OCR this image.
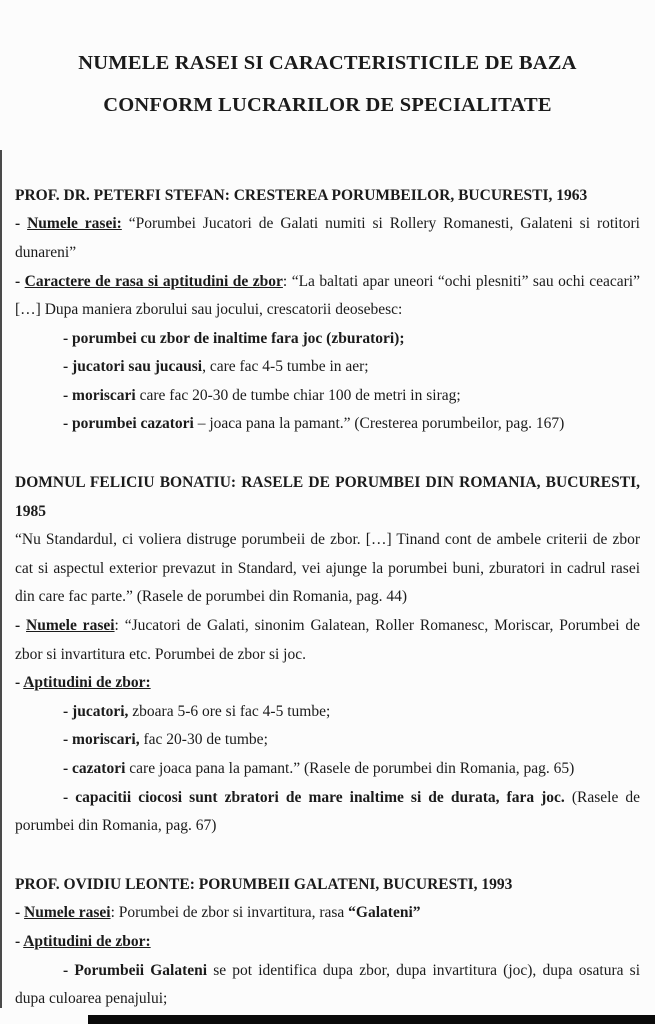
NUMELE RASEI SI CARACTERISTICILE DE BAZA
CONFORM LUCRARILOR DE SPECIALITATE
PROF. DR. PETERFI STEFAN: CRESTEREA PORUMBEILOR, BUCURESTI, 1963

- Numele rasei: “Porumbei Jucatori de Galati numiti si Rollery Romanesti, Galateni si rotitori dunareni”

- Caractere de rasa si aptitudini de zbor: “La baltati apar uneori “ochi plesniti” sau ochi ceacari” […] Dupa maniera zborului sau jocului, crescatorii deosebesc:

- porumbei cu zbor de inaltime fara joc (zburatori);

- jucatori sau jucausi, care fac 4-5 tumbe in aer;

- moriscari care fac 20-30 de tumbe chiar 100 de metri in sirag;

- porumbei cazatori – joaca pana la pamant.” (Cresterea porumbeilor, pag. 167)

DOMNUL FELICIU BONATIU: RASELE DE PORUMBEI DIN ROMANIA, BUCURESTI, 1985

“Nu Standardul, ci voliera distruge porumbeii de zbor. […] Tinand cont de ambele criterii de zbor cat si aspectul exterior prevazut in Standard, vei ajunge la porumbei buni, zburatori in cadrul rasei din care fac parte.” (Rasele de porumbei din Romania, pag. 44)

- Numele rasei: “Jucatori de Galati, sinonim Galatean, Roller Romanesc, Moriscar, Porumbei de zbor si invartitura etc. Porumbei de zbor si joc.

- Aptitudini de zbor:

- jucatori, zboara 5-6 ore si fac 4-5 tumbe;

- moriscari, fac 20-30 de tumbe;

- cazatori care joaca pana la pamant.” (Rasele de porumbei din Romania, pag. 65)

- capacitii ciocosi sunt zbratori de mare inaltime si de durata, fara joc. (Rasele de porumbei din Romania, pag. 67)

PROF. OVIDIU LEONTE: PORUMBEII GALATENI, BUCURESTI, 1993

- Numele rasei: Porumbei de zbor si invartitura, rasa “Galateni”

- Aptitudini de zbor:

- Porumbeii Galateni se pot identifica dupa zbor, dupa invartitura (joc), dupa osatura si dupa culoarea penajului;
